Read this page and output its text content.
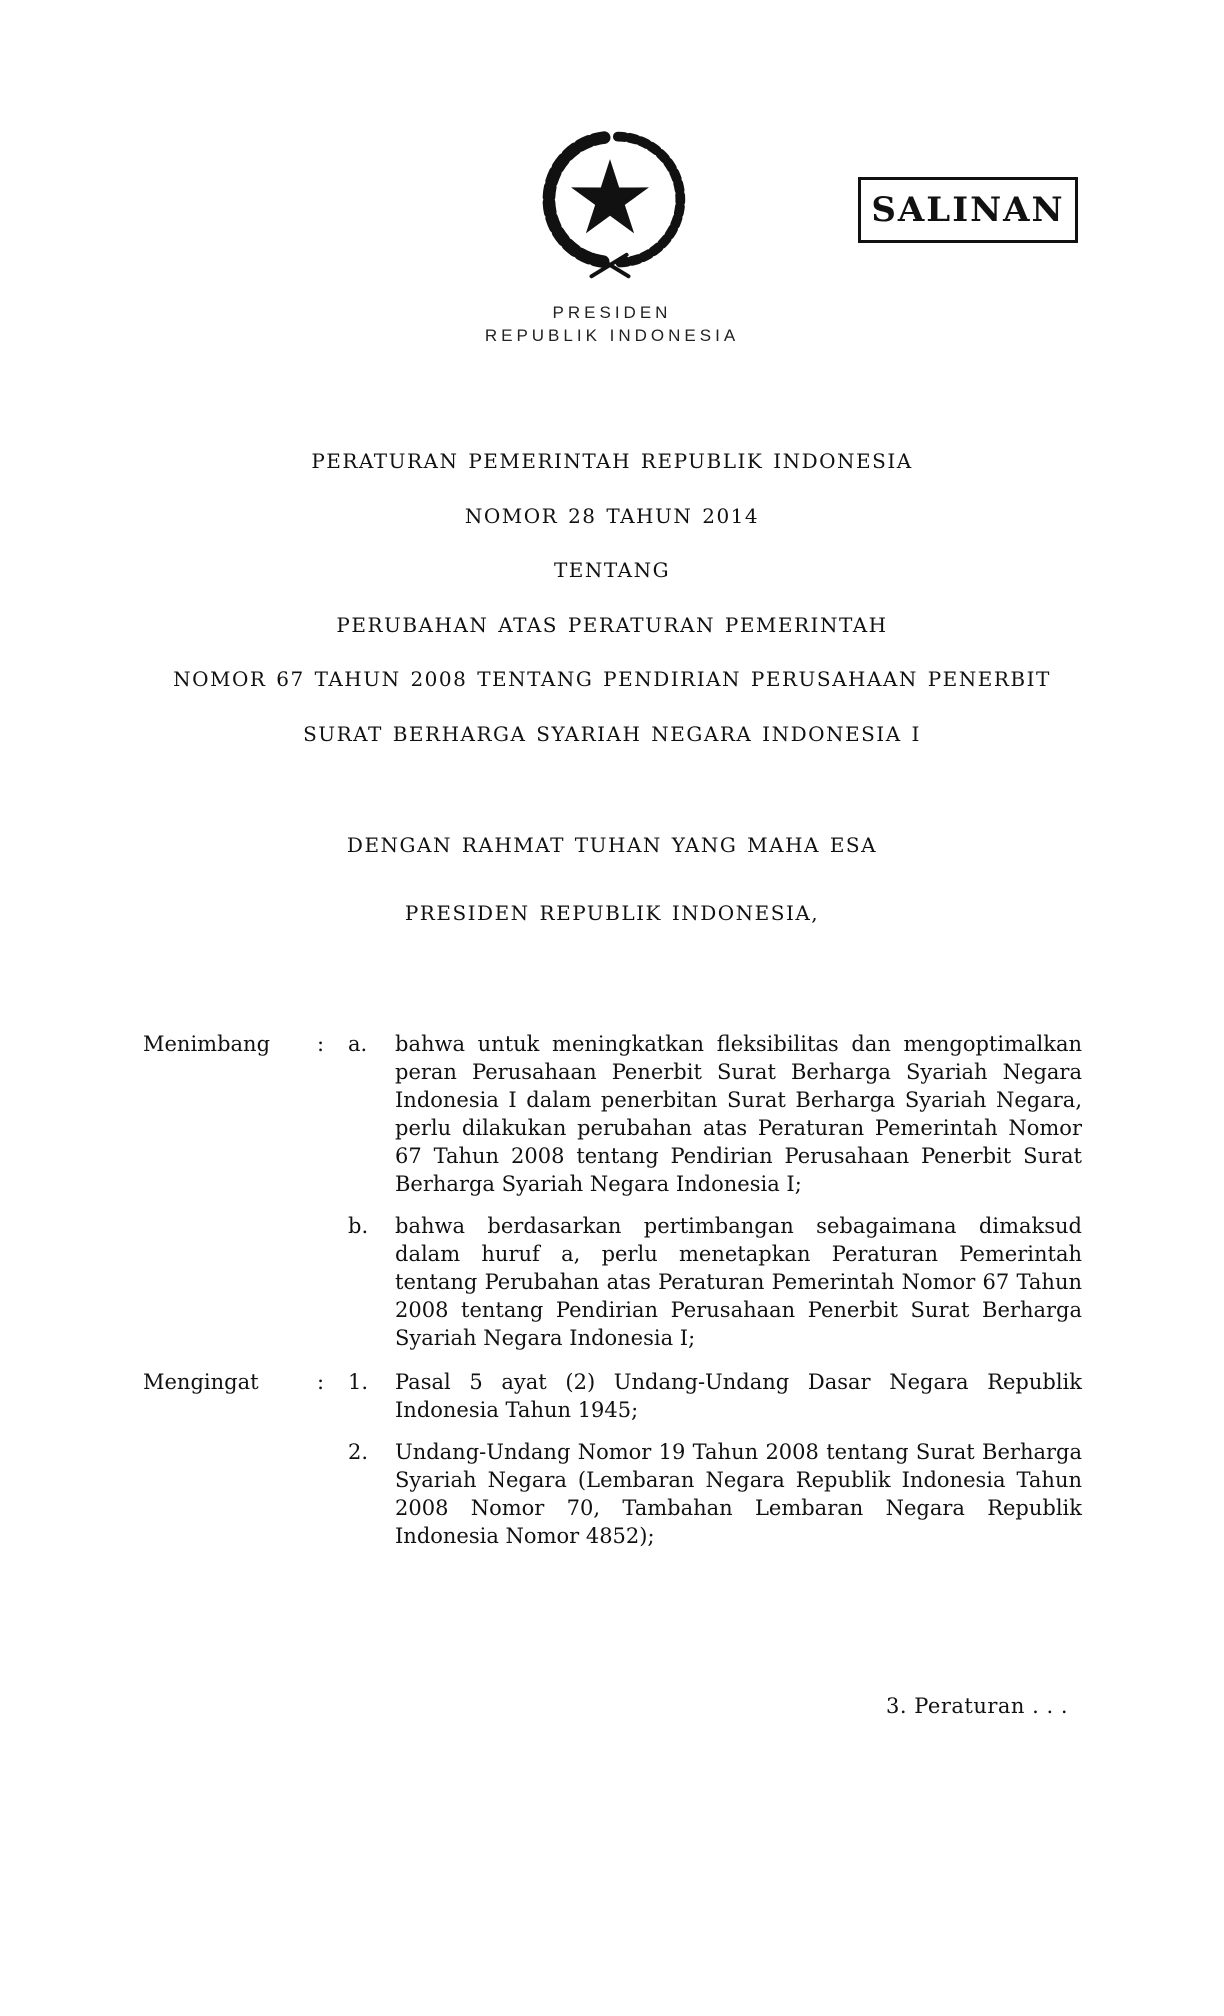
SALINAN
PRESIDEN
REPUBLIK INDONESIA
PERATURAN PEMERINTAH REPUBLIK INDONESIA
NOMOR 28 TAHUN 2014
TENTANG
PERUBAHAN ATAS PERATURAN PEMERINTAH
NOMOR 67 TAHUN 2008 TENTANG PENDIRIAN PERUSAHAAN PENERBIT
SURAT BERHARGA SYARIAH NEGARA INDONESIA I
DENGAN RAHMAT TUHAN YANG MAHA ESA
PRESIDEN REPUBLIK INDONESIA,
Menimbang	:	a.	bahwa untuk meningkatkan fleksibilitas dan mengoptimalkan peran Perusahaan Penerbit Surat Berharga Syariah Negara Indonesia I dalam penerbitan Surat Berharga Syariah Negara, perlu dilakukan perubahan atas Peraturan Pemerintah Nomor 67 Tahun 2008 tentang Pendirian Perusahaan Penerbit Surat Berharga Syariah Negara Indonesia I;
b.	bahwa berdasarkan pertimbangan sebagaimana dimaksud dalam huruf a, perlu menetapkan Peraturan Pemerintah tentang Perubahan atas Peraturan Pemerintah Nomor 67 Tahun 2008 tentang Pendirian Perusahaan Penerbit Surat Berharga Syariah Negara Indonesia I;
Mengingat	:	1.	Pasal 5 ayat (2) Undang-Undang Dasar Negara Republik Indonesia Tahun 1945;
2.	Undang-Undang Nomor 19 Tahun 2008 tentang Surat Berharga Syariah Negara (Lembaran Negara Republik Indonesia Tahun 2008 Nomor 70, Tambahan Lembaran Negara Republik Indonesia Nomor 4852);
3. Peraturan . . .
